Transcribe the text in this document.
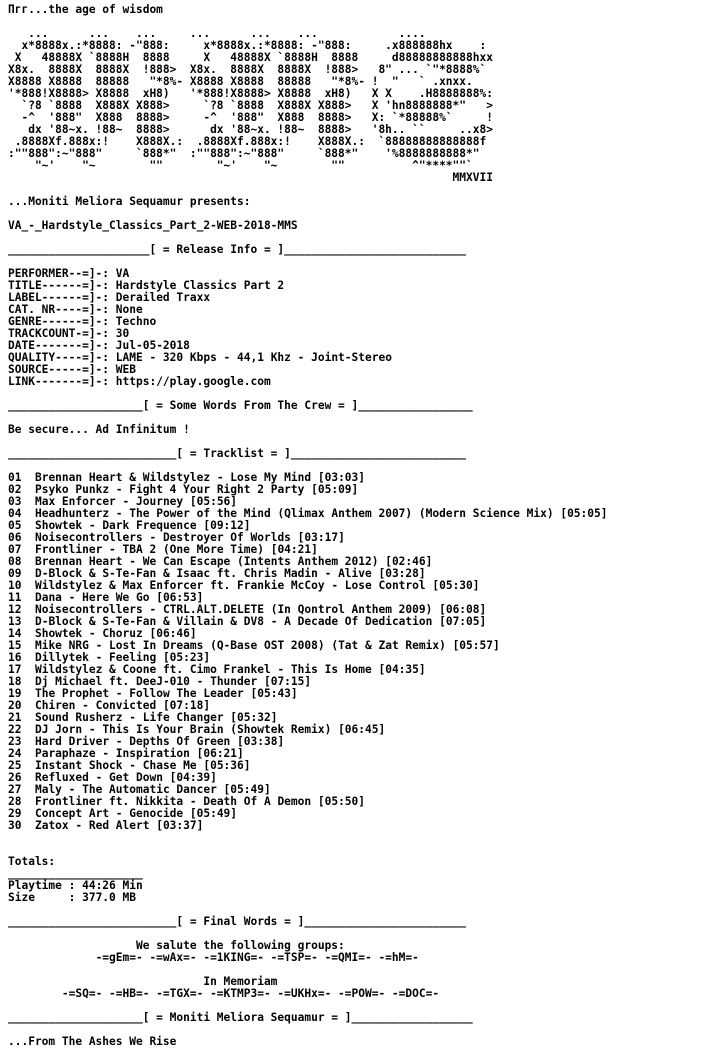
Пгг...the age of wisdom

...      ...    ...     ...      ...    ...            ....
x*8888x.:*8888: -"888:     x*8888x.:*8888: -"888:     .x888888hx    :
X   48888X `8888H  8888     X   48888X `8888H  8888     d88888888888hxx
X8x.  8888X  8888X  !888>  X8x.  8888X  8888X  !888>   8" ... `"*8888%`
X8888 X8888  88888   "*8%- X8888 X8888  88888   "*8%- !  "   ` .xnxx.
'*888!X8888> X8888  xH8)   '*888!X8888> X8888  xH8)   X X    .H8888888%:
`?8 `8888  X888X X888>     `?8 `8888  X888X X888>   X 'hn8888888*"   >
-^  '888"  X888  8888>     -^  '888"  X888  8888>   X: `*88888%`     !
dx '88~x. !88~  8888>      dx '88~x. !88~  8888>   '8h.. ``     ..x8>
.8888Xf.888x:!    X888X.:  .8888Xf.888x:!    X888X.:  `88888888888888f
:""888":~"888"     `888*"  :""888":~"888"     `888*"    '%8888888888*"
"~'    "~        ""        "~'    "~        ""          ^"****""`
MMXVII

...Moniti Meliora Sequamur presents:

VA_-_Hardstyle_Classics_Part_2-WEB-2018-MMS

_____________________[ = Release Info = ]___________________________

PERFORMER--=]-: VA
TITLE------=]-: Hardstyle Classics Part 2
LABEL------=]-: Derailed Traxx
CAT. NR----=]-: None
GENRE------=]-: Techno
TRACKCOUNT-=]-: 30
DATE-------=]-: Jul-05-2018
QUALITY----=]-: LAME - 320 Kbps - 44,1 Khz - Joint-Stereo
SOURCE-----=]-: WEB
LINK-------=]-: https://play.google.com

____________________[ = Some Words From The Crew = ]_________________

Be secure... Ad Infinitum !

_________________________[ = Tracklist = ]__________________________

01 Brennan Heart & Wildstylez - Lose My Mind [03:03]
02 Psyko Punkz - Fight 4 Your Right 2 Party [05:09]
03 Max Enforcer - Journey [05:56]
04 Headhunterz - The Power of the Mind (Qlimax Anthem 2007) (Modern Science Mix) [05:05]
05 Showtek - Dark Frequence [09:12]
06 Noisecontrollers - Destroyer Of Worlds [03:17]
07 Frontliner - TBA 2 (One More Time) [04:21]
08 Brennan Heart - We Can Escape (Intents Anthem 2012) [02:46]
09 D-Block & S-Te-Fan & Isaac ft. Chris Madin - Alive [03:28]
10 Wildstylez & Max Enforcer ft. Frankie McCoy - Lose Control [05:30]
11 Dana - Here We Go [06:53]
12 Noisecontrollers - CTRL.ALT.DELETE (In Qontrol Anthem 2009) [06:08]
13 D-Block & S-Te-Fan & Villain & DV8 - A Decade Of Dedication [07:05]
14 Showtek - Choruz [06:46]
15 Mike NRG - Lost In Dreams (Q-Base OST 2008) (Tat & Zat Remix) [05:57]
16 Dillytek - Feeling [05:23]
17 Wildstylez & Coone ft. Cimo Frankel - This Is Home [04:35]
18 Dj Michael ft. DeeJ-010 - Thunder [07:15]
19 The Prophet - Follow The Leader [05:43]
20 Chiren - Convicted [07:18]
21 Sound Rusherz - Life Changer [05:32]
22 DJ Jorn - This Is Your Brain (Showtek Remix) [06:45]
23 Hard Driver - Depths Of Green [03:38]
24 Paraphaze - Inspiration [06:21]
25 Instant Shock - Chase Me [05:36]
26 Refluxed - Get Down [04:39]
27 Maly - The Automatic Dancer [05:49]
28 Frontliner ft. Nikkita - Death Of A Demon [05:50]
29 Concept Art - Genocide [05:49]
30 Zatox - Red Alert [03:37]

Totals:
____________________
Playtime : 44:26 Min
Size     : 377.0 MB

_________________________[ = Final Words = ]________________________

We salute the following groups:
-=gEm=- -=wAx=- -=1KING=- -=TSP=- -=QMI=- -=hM=-

In Memoriam
-=SQ=- -=HB=- -=TGX=- -=KTMP3=- -=UKHx=- -=POW=- -=DOC=-

____________________[ = Moniti Meliora Sequamur = ]__________________

...From The Ashes We Rise
